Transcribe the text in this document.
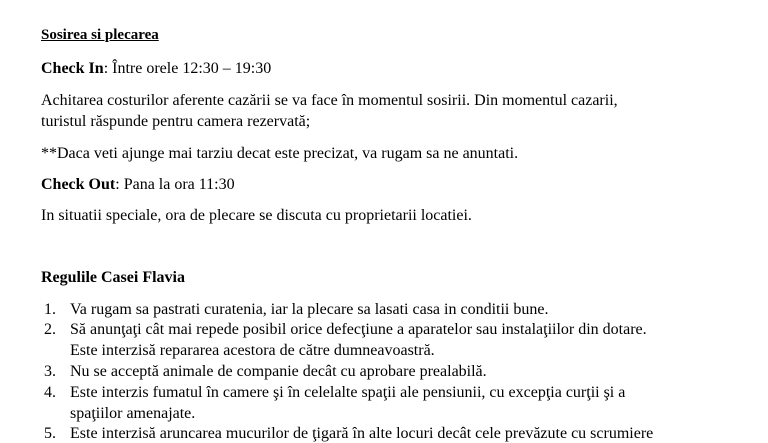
Sosirea si plecarea
Check In: Între orele 12:30 – 19:30
Achitarea costurilor aferente cazării se va face în momentul sosirii. Din momentul cazarii,
turistul răspunde pentru camera rezervată;
**Daca veti ajunge mai tarziu decat este precizat, va rugam sa ne anuntati.
Check Out: Pana la ora 11:30
In situatii speciale, ora de plecare se discuta cu proprietarii locatiei.
Regulile Casei Flavia
1. Va rugam sa pastrati curatenia, iar la plecare sa lasati casa in conditii bune.
2. Să anunţaţi cât mai repede posibil orice defecţiune a aparatelor sau instalaţiilor din dotare.
Este interzisă repararea acestora de către dumneavoastră.
3. Nu se acceptă animale de companie decât cu aprobare prealabilă.
4. Este interzis fumatul în camere şi în celelalte spaţii ale pensiunii, cu excepţia curţii şi a
spaţiilor amenajate.
5. Este interzisă aruncarea mucurilor de ţigară în alte locuri decât cele prevăzute cu scrumiere
